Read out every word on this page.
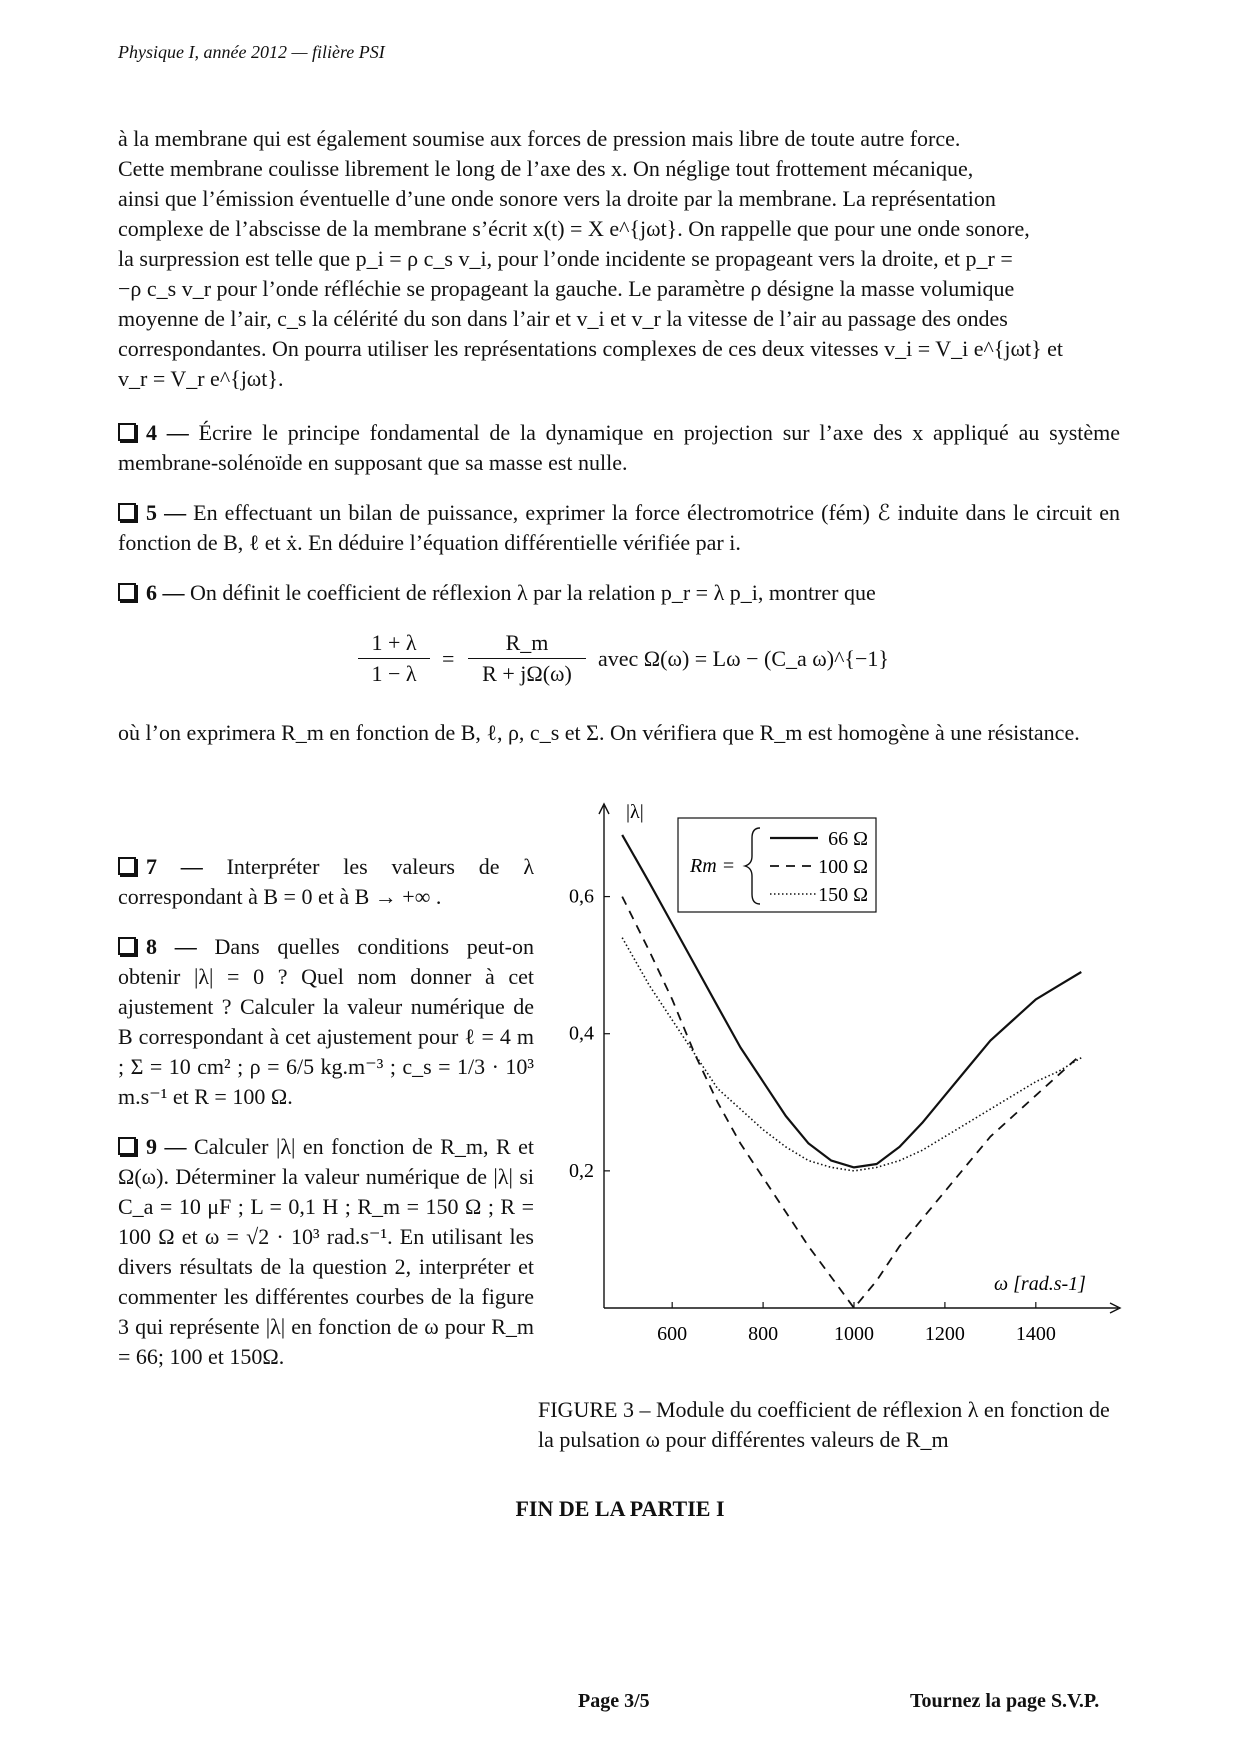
Physique I, année 2012 — filière PSI
à la membrane qui est également soumise aux forces de pression mais libre de toute autre force.
Cette membrane coulisse librement le long de l’axe des x. On néglige tout frottement mécanique,
ainsi que l’émission éventuelle d’une onde sonore vers la droite par la membrane. La représentation
complexe de l’abscisse de la membrane s’écrit x(t) = X e^{jωt}. On rappelle que pour une onde sonore,
la surpression est telle que p_i = ρ c_s v_i, pour l’onde incidente se propageant vers la droite, et p_r =
−ρ c_s v_r pour l’onde réfléchie se propageant la gauche. Le paramètre ρ désigne la masse volumique
moyenne de l’air, c_s la célérité du son dans l’air et v_i et v_r la vitesse de l’air au passage des ondes
correspondantes. On pourra utiliser les représentations complexes de ces deux vitesses v_i = V_i e^{jωt} et
v_r = V_r e^{jωt}.
4 — Écrire le principe fondamental de la dynamique en projection sur l’axe des x appliqué au système membrane-solénoïde en supposant que sa masse est nulle.
5 — En effectuant un bilan de puissance, exprimer la force électromotrice (fém) ℰ induite dans le circuit en fonction de B, ℓ et ẋ. En déduire l’équation différentielle vérifiée par i.
6 — On définit le coefficient de réflexion λ par la relation p_r = λ p_i, montrer que
$\frac{1 + \lambda}{1 - \lambda} = \frac{R\_m}{R + j\Omega(\omega)}$ avec Ω(ω) = Lω − (C_a ω)^{−1}
où l’on exprimera R_m en fonction de B, ℓ, ρ, c_s et Σ. On vérifiera que R_m est homogène à une résistance.
7 — Interpréter les valeurs de λ correspondant à B = 0 et à B → +∞ .
8 — Dans quelles conditions peut-on obtenir |λ| = 0 ? Quel nom donner à cet ajustement ? Calculer la valeur numérique de B correspondant à cet ajustement pour ℓ = 4 m ; Σ = 10 cm² ; ρ = 6/5 kg.m⁻³ ; c_s = 1/3 · 10³ m.s⁻¹ et R = 100 Ω.
9 — Calculer |λ| en fonction de R_m, R et Ω(ω). Déterminer la valeur numérique de |λ| si C_a = 10 μF ; L = 0,1 H ; R_m = 150 Ω ; R = 100 Ω et ω = √2 · 10³ rad.s⁻¹. En utilisant les divers résultats de la question 2, interpréter et commenter les différentes courbes de la figure 3 qui représente |λ| en fonction de ω pour R_m = 66; 100 et 150Ω.
|λ|
ω [rad.s-1]
600	800	1000	1200	1400
0,2
0,4
0,6
Rm =
66 Ω
100 Ω
150 Ω
FIGURE 3 – Module du coefficient de réflexion λ en fonction de la pulsation ω pour différentes valeurs de R_m
FIN DE LA PARTIE I
Page 3/5	Tournez la page S.V.P.
